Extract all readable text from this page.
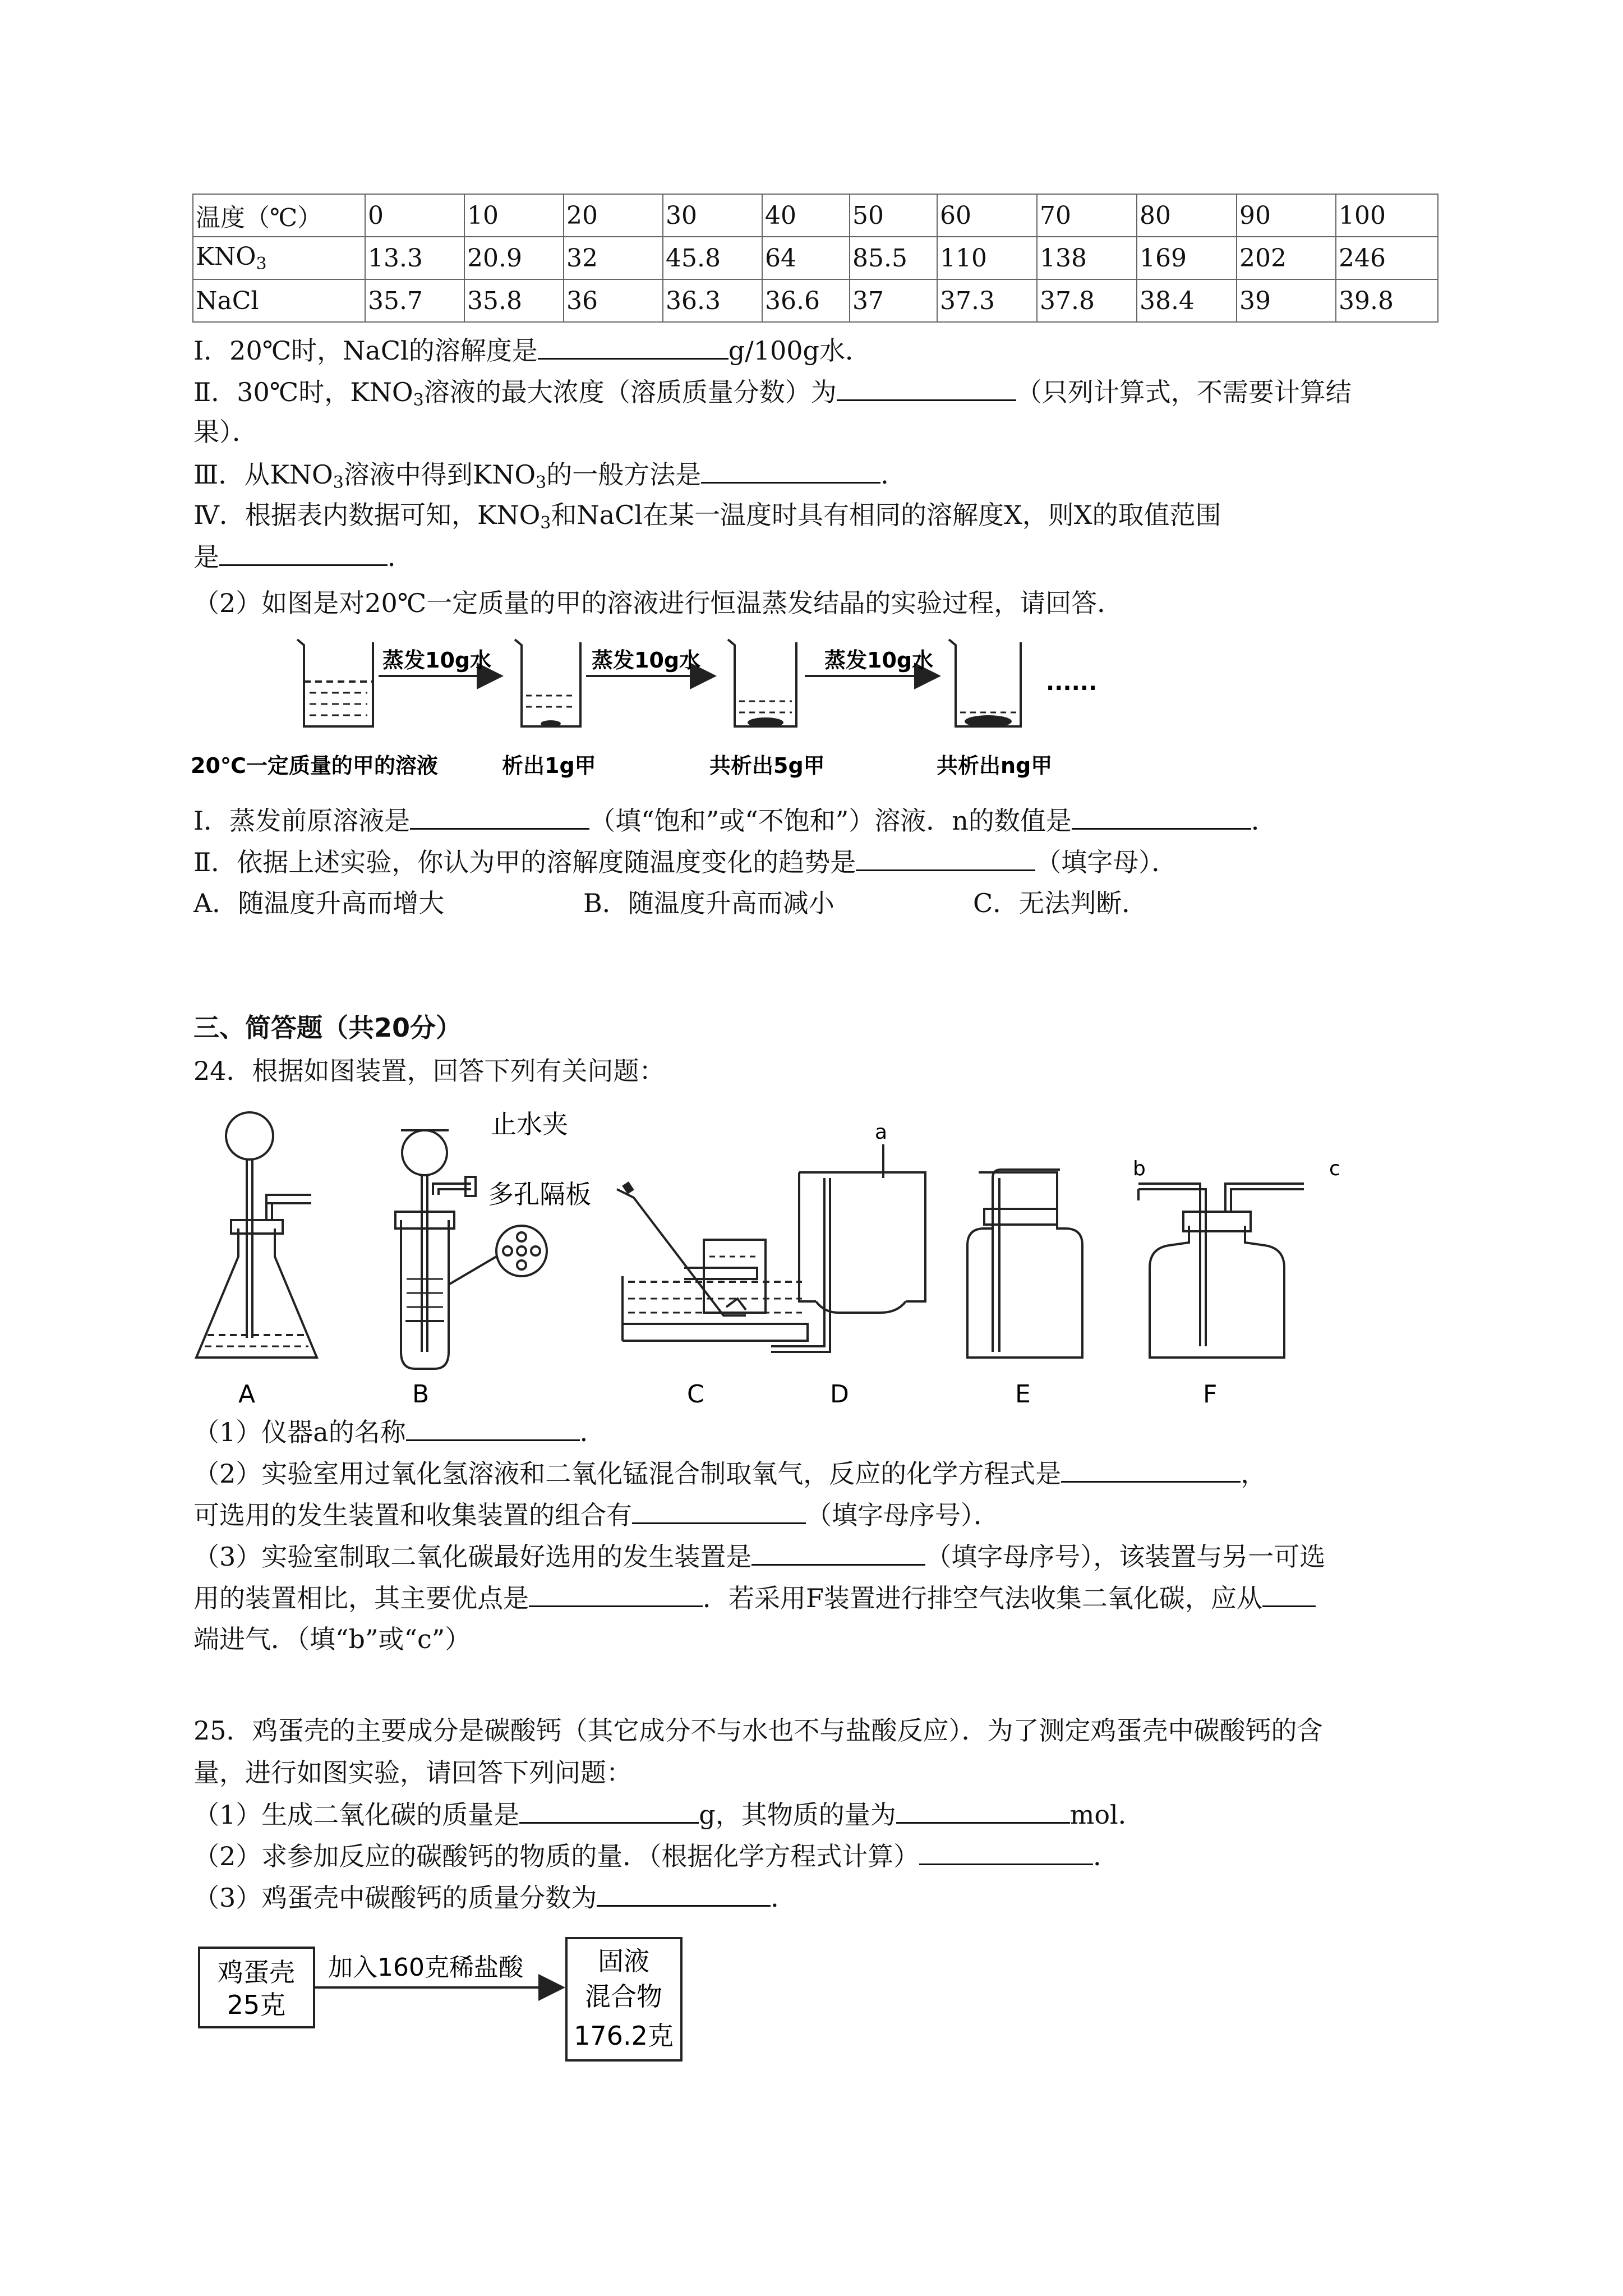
温度（℃）	0	10	20	30	40	50	60	70	80	90	100
$KNO_3$	13.3	20.9	32	45.8	64	85.5	110	138	169	202	246
NaCl	35.7	35.8	36	36.3	36.6	37	37.3	37.8	38.4	39	39.8
Ⅰ．20℃时，NaCl的溶解度是	g/100g水．
Ⅱ．30℃时，$KNO_3$溶液的最大浓度（溶质质量分数）为	（只列计算式，不需要计算结
果）．
Ⅲ．从$KNO_3$溶液中得到$KNO_3$的一般方法是	．
Ⅳ．根据表内数据可知，$KNO_3$和NaCl在某一温度时具有相同的溶解度X，则X的取值范围
是	．
（2）如图是对20℃一定质量的甲的溶液进行恒温蒸发结晶的实验过程，请回答．
蒸发10g水	蒸发10g水	蒸发10g水
......
20℃一定质量的甲的溶液	析出1g甲	共析出5g甲	共析出ng甲
Ⅰ．蒸发前原溶液是	（填“饱和”或“不饱和”）溶液．n的数值是	．
Ⅱ．依据上述实验，你认为甲的溶解度随温度变化的趋势是	（填字母）．
A．随温度升高而增大	B．随温度升高而减小	C．无法判断．
三、简答题（共20分）
24．根据如图装置，回答下列有关问题：
A	B	C	D	E	F
止水夹
多孔隔板
a
b	c
（1）仪器a的名称	．
（2）实验室用过氧化氢溶液和二氧化锰混合制取氧气，反应的化学方程式是	，
可选用的发生装置和收集装置的组合有	（填字母序号）．
（3）实验室制取二氧化碳最好选用的发生装置是	（填字母序号），该装置与另一可选
用的装置相比，其主要优点是	．若采用F装置进行排空气法收集二氧化碳，应从
端进气．（填“b”或“c”）
25．鸡蛋壳的主要成分是碳酸钙（其它成分不与水也不与盐酸反应）．为了测定鸡蛋壳中碳酸钙的含
量，进行如图实验，请回答下列问题：
（1）生成二氧化碳的质量是	g，其物质的量为	mol．
（2）求参加反应的碳酸钙的物质的量．（根据化学方程式计算）	．
（3）鸡蛋壳中碳酸钙的质量分数为	．
鸡蛋壳
25克
加入160克稀盐酸	固液
混合物
176.2克
